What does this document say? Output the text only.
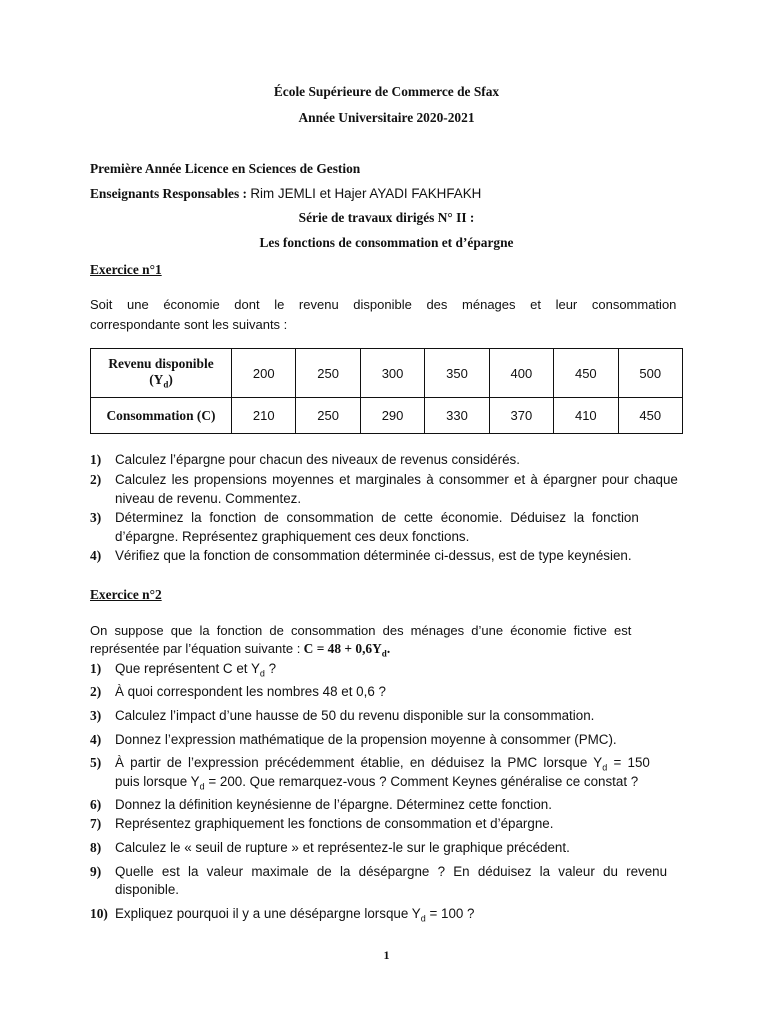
École Supérieure de Commerce de Sfax
Année Universitaire 2020-2021
Première Année Licence en Sciences de Gestion
Enseignants Responsables : Rim JEMLI et Hajer AYADI FAKHFAKH
Série de travaux dirigés N° II :
Les fonctions de consommation et d’épargne
Exercice n°1
Soit une économie dont le revenu disponible des ménages et leur consommation
correspondante sont les suivants :
Revenu disponible
$(Y_d)$	200	250	300	350	400	450	500
Consommation (C)	210	250	290	330	370	410	450
1) Calculez l’épargne pour chacun des niveaux de revenus considérés.
2) Calculez les propensions moyennes et marginales à consommer et à épargner pour chaque
niveau de revenu. Commentez.
3) Déterminez la fonction de consommation de cette économie. Déduisez la fonction
d’épargne. Représentez graphiquement ces deux fonctions.
4) Vérifiez que la fonction de consommation déterminée ci-dessus, est de type keynésien.
Exercice n°2
On suppose que la fonction de consommation des ménages d’une économie fictive est
représentée par l’équation suivante : $C = 48 + 0,6Y_d$.
1) Que représentent C et $Y_d$ ?
2) À quoi correspondent les nombres 48 et 0,6 ?
3) Calculez l’impact d’une hausse de 50 du revenu disponible sur la consommation.
4) Donnez l’expression mathématique de la propension moyenne à consommer (PMC).
5) À partir de l’expression précédemment établie, en déduisez la PMC lorsque $Y_d = 150$
puis lorsque $Y_d = 200$. Que remarquez-vous ? Comment Keynes généralise ce constat ?
6) Donnez la définition keynésienne de l’épargne. Déterminez cette fonction.
7) Représentez graphiquement les fonctions de consommation et d’épargne.
8) Calculez le « seuil de rupture » et représentez-le sur le graphique précédent.
9) Quelle est la valeur maximale de la désépargne ? En déduisez la valeur du revenu
disponible.
10) Expliquez pourquoi il y a une désépargne lorsque $Y_d = 100$ ?
1
